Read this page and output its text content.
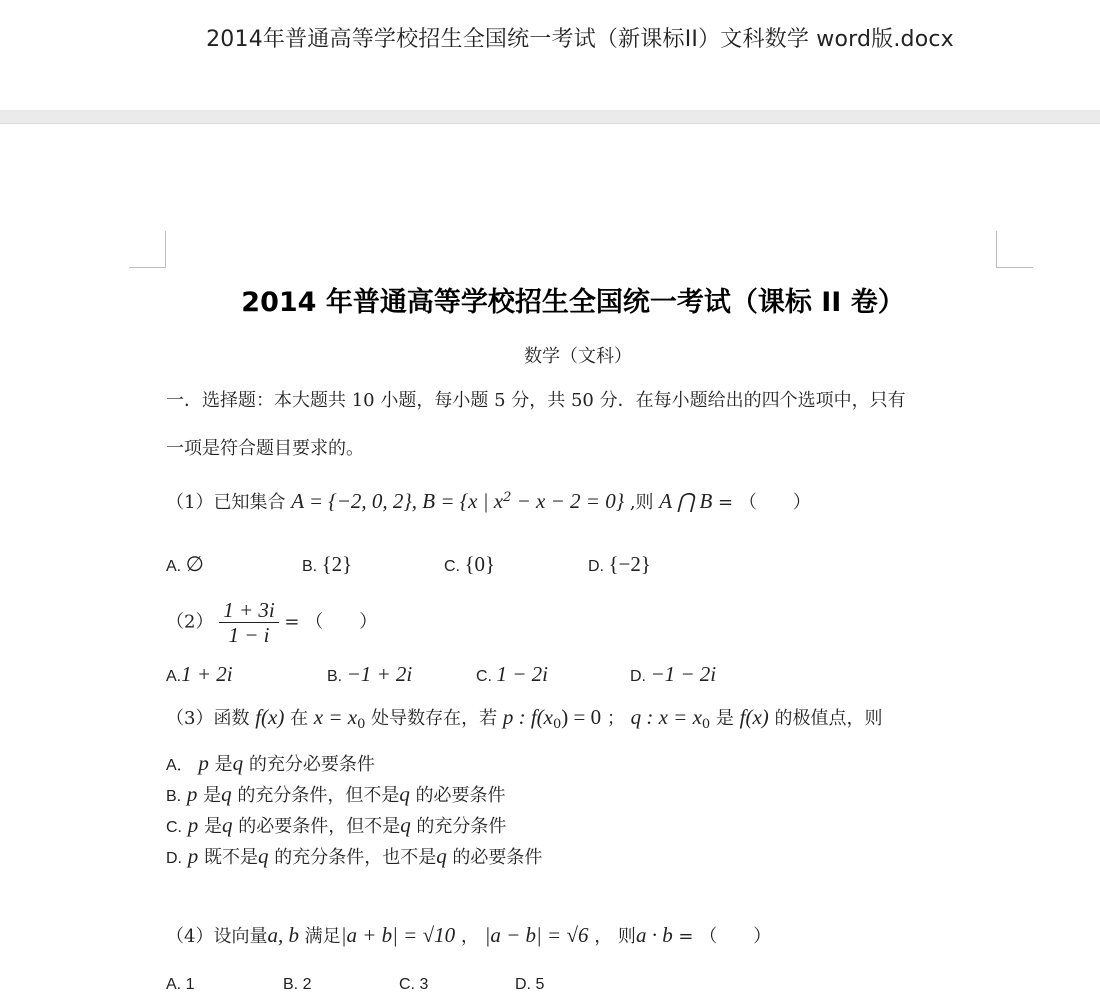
2014年普通高等学校招生全国统一考试（新课标II）文科数学 word版.docx
2014 年普通高等学校招生全国统一考试（课标 II 卷）
数学（文科）
一．选择题：本大题共 10 小题，每小题 5 分，共 50 分．在每小题给出的四个选项中，只有
一项是符合题目要求的。
（1）已知集合 A = {−2, 0, 2}, B = {x | $x^2 - x - 2 = 0$} ,则 A ⋂ B = （　　）
A. ∅	B. {2}	C. {0}	D. {−2}
$(2) \frac{1 + 3i}{1 - i}$ = （　　）
A.1 + 2i	B. −1 + 2i	C. 1 − 2i	D. −1 − 2i
（3）函数 f(x) 在 $x = x_0$ 处导数存在，若 p : $f(x_0) = 0$ ； q : $x = x_0$ 是 f(x) 的极值点，则
A． p 是q 的充分必要条件
B. p 是q 的充分条件，但不是q 的必要条件
C. p 是q 的必要条件，但不是q 的充分条件
D. p 既不是q 的充分条件，也不是q 的必要条件
（4）设向量a, b 满足|a + b| = √10 ， |a − b| = √6 ， 则a · b = （　　）
A. 1	B. 2	C. 3	D. 5
